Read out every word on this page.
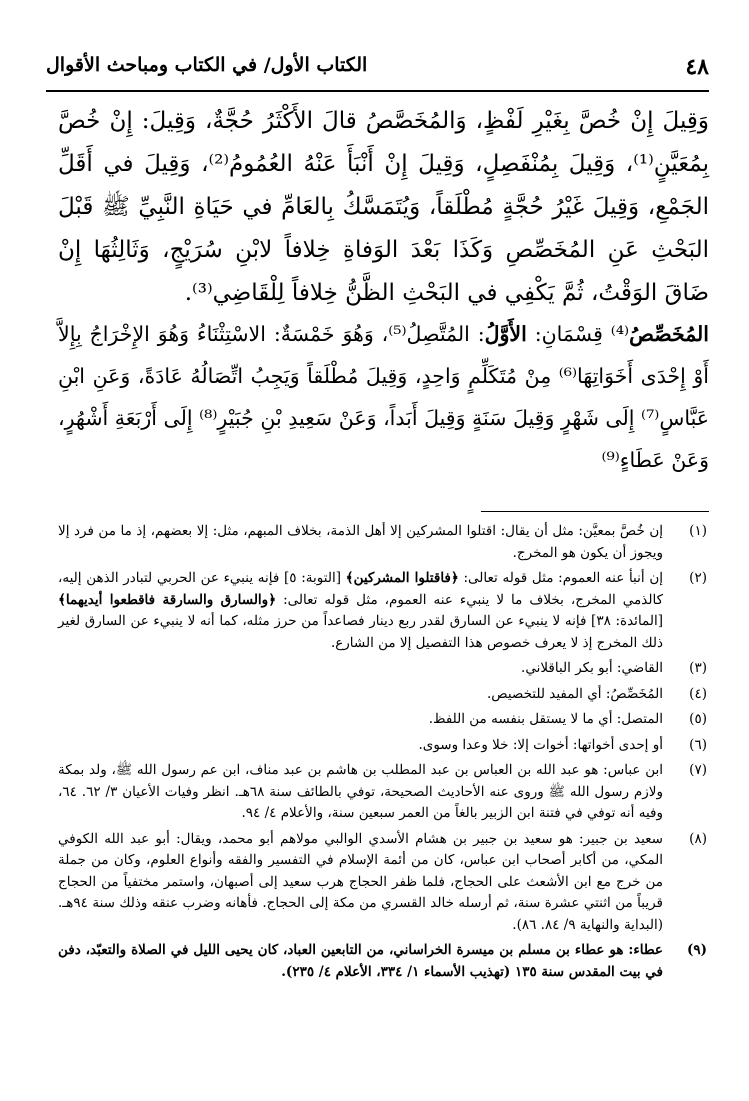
٤٨
الكتاب الأول/ في الكتاب ومباحث الأقوال
وَقِيلَ إِنْ خُصَّ بِغَيْرِ لَفْظٍ، وَالمُخَصَّصُ قالَ الأَكْثَرُ حُجَّةٌ، وَقِيلَ: إِنْ خُصَّ بِمُعَيَّنٍ⁽¹⁾، وَقِيلَ بِمُنْفَصِلٍ، وَقِيلَ إِنْ أَنْبَأَ عَنْهُ العُمُومُ⁽²⁾، وَقِيلَ في أَقَلِّ الجَمْعِ، وَقِيلَ غَيْرُ حُجَّةٍ مُطْلَقاً، وَيُتَمَسَّكُ بِالعَامِّ في حَيَاةِ النَّبِيِّ ﷺ قَبْلَ البَحْثِ عَنِ المُخَصِّصِ وَكَذَا بَعْدَ الوَفاةِ خِلافاً لابْنِ سُرَيْجٍ، وَثَالِثُهَا إِنْ ضَاقَ الوَقْتُ، ثُمَّ يَكْفِي في البَحْثِ الظَّنُّ خِلافاً لِلْقَاضِي⁽³⁾.
المُخَصِّصُ⁽⁴⁾ قِسْمَانِ: الأَوَّلُ: المُتَّصِلُ⁽⁵⁾، وَهُوَ خَمْسَةٌ: الاسْتِثْنَاءُ وَهُوَ الإِخْرَاجُ بِإِلاَّ أَوْ إِحْدَى أَخَوَاتِهَا⁽⁶⁾ مِنْ مُتَكَلِّمٍ وَاحِدٍ، وَقِيلَ مُطْلَقاً وَيَجِبُ اتِّصَالُهُ عَادَةً، وَعَنِ ابْنِ عَبَّاسٍ⁽⁷⁾ إِلَى شَهْرٍ وَقِيلَ سَنَةٍ وَقِيلَ أَبَداً، وَعَنْ سَعِيدِ بْنِ جُبَيْرٍ⁽⁸⁾ إِلَى أَرْبَعَةِ أَشْهُرٍ، وَعَنْ عَطَاءٍ⁽⁹⁾
(١)
إن خُصَّ بمعيَّن: مثل أن يقال: اقتلوا المشركين إلا أهل الذمة، بخلاف المبهم، مثل: إلا بعضهم، إذ ما من فرد إلا ويجوز أن يكون هو المخرج.
(٢)
إن أنبأ عنه العموم: مثل قوله تعالى: ﴿فاقتلوا المشركين﴾ [التوبة: ٥] فإنه ينبيء عن الحربي لتبادر الذهن إليه، كالذمي المخرج، بخلاف ما لا ينبيء عنه العموم، مثل قوله تعالى: ﴿والسارق والسارقة فاقطعوا أيديهما﴾ [المائدة: ٣٨] فإنه لا ينبيء عن السارق لقدر ربع دينار فصاعداً من حرز مثله، كما أنه لا ينبيء عن السارق لغير ذلك المخرج إذ لا يعرف خصوص هذا التفصيل إلا من الشارع.
(٣)
القاضي: أبو بكر الباقلاني.
(٤)
المُخَصِّصُ: أي المفيد للتخصيص.
(٥)
المتصل: أي ما لا يستقل بنفسه من اللفظ.
(٦)
أو إحدى أخواتها: أخوات إلا: خلا وعدا وسوى.
(٧)
ابن عباس: هو عبد الله بن العباس بن عبد المطلب بن هاشم بن عبد مناف، ابن عم رسول الله ﷺ، ولد بمكة ولازم رسول الله ﷺ وروى عنه الأحاديث الصحيحة، توفي بالطائف سنة ٦٨هـ. انظر وفيات الأعيان ٣/ ٦٢. ٦٤، وفيه أنه توفي في فتنة ابن الزبير بالغاً من العمر سبعين سنة، والأعلام ٤/ ٩٤.
(٨)
سعيد بن جبير: هو سعيد بن جبير بن هشام الأسدي الوالبي مولاهم أبو محمد، ويقال: أبو عبد الله الكوفي المكي، من أكابر أصحاب ابن عباس، كان من أئمة الإسلام في التفسير والفقه وأنواع العلوم، وكان من جملة من خرج مع ابن الأشعث على الحجاج، فلما ظفر الحجاج هرب سعيد إلى أصبهان، واستمر مختفياً من الحجاج قريباً من اثنتي عشرة سنة، ثم أرسله خالد القسري من مكة إلى الحجاج. فأهانه وضرب عنقه وذلك سنة ٩٤هـ. (البداية والنهاية ٩/ ٨٤. ٨٦).
(٩)
عطاء: هو عطاء بن مسلم بن ميسرة الخراساني، من التابعين العباد، كان يحيى الليل في الصلاة والتعبّد، دفن في بيت المقدس سنة ١٣٥ (تهذيب الأسماء ١/ ٣٣٤، الأعلام ٤/ ٢٣٥).
